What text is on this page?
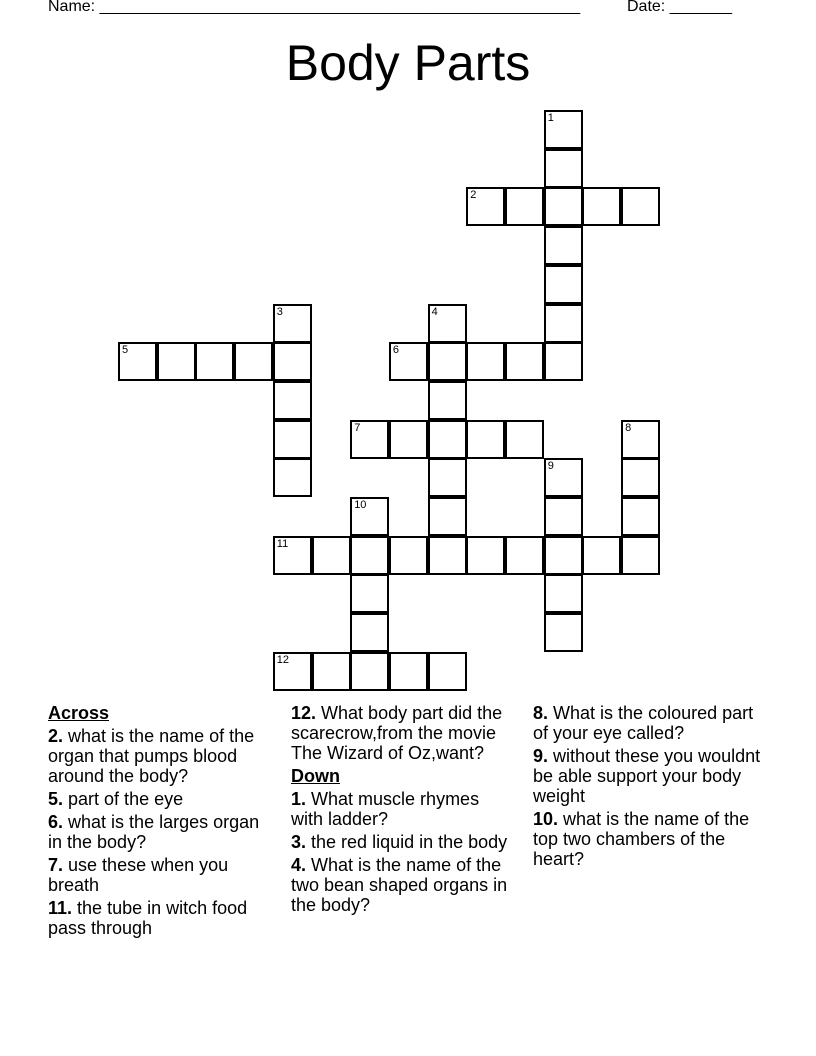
Name: ______________________________________________________	Date: _______
Body Parts
1
2
3	4
5	6
7	8
9
10
11
12
Across
2. what is the name of the organ that pumps blood around the body?
5. part of the eye
6. what is the larges organ in the body?
7. use these when you breath
11. the tube in witch food pass through
12. What body part did the scarecrow,from the movie The Wizard of Oz,want?
Down
1. What muscle rhymes with ladder?
3. the red liquid in the body
4. What is the name of the two bean shaped organs in the body?
8. What is the coloured part of your eye called?
9. without these you wouldnt be able support your body weight
10. what is the name of the top two chambers of the heart?
